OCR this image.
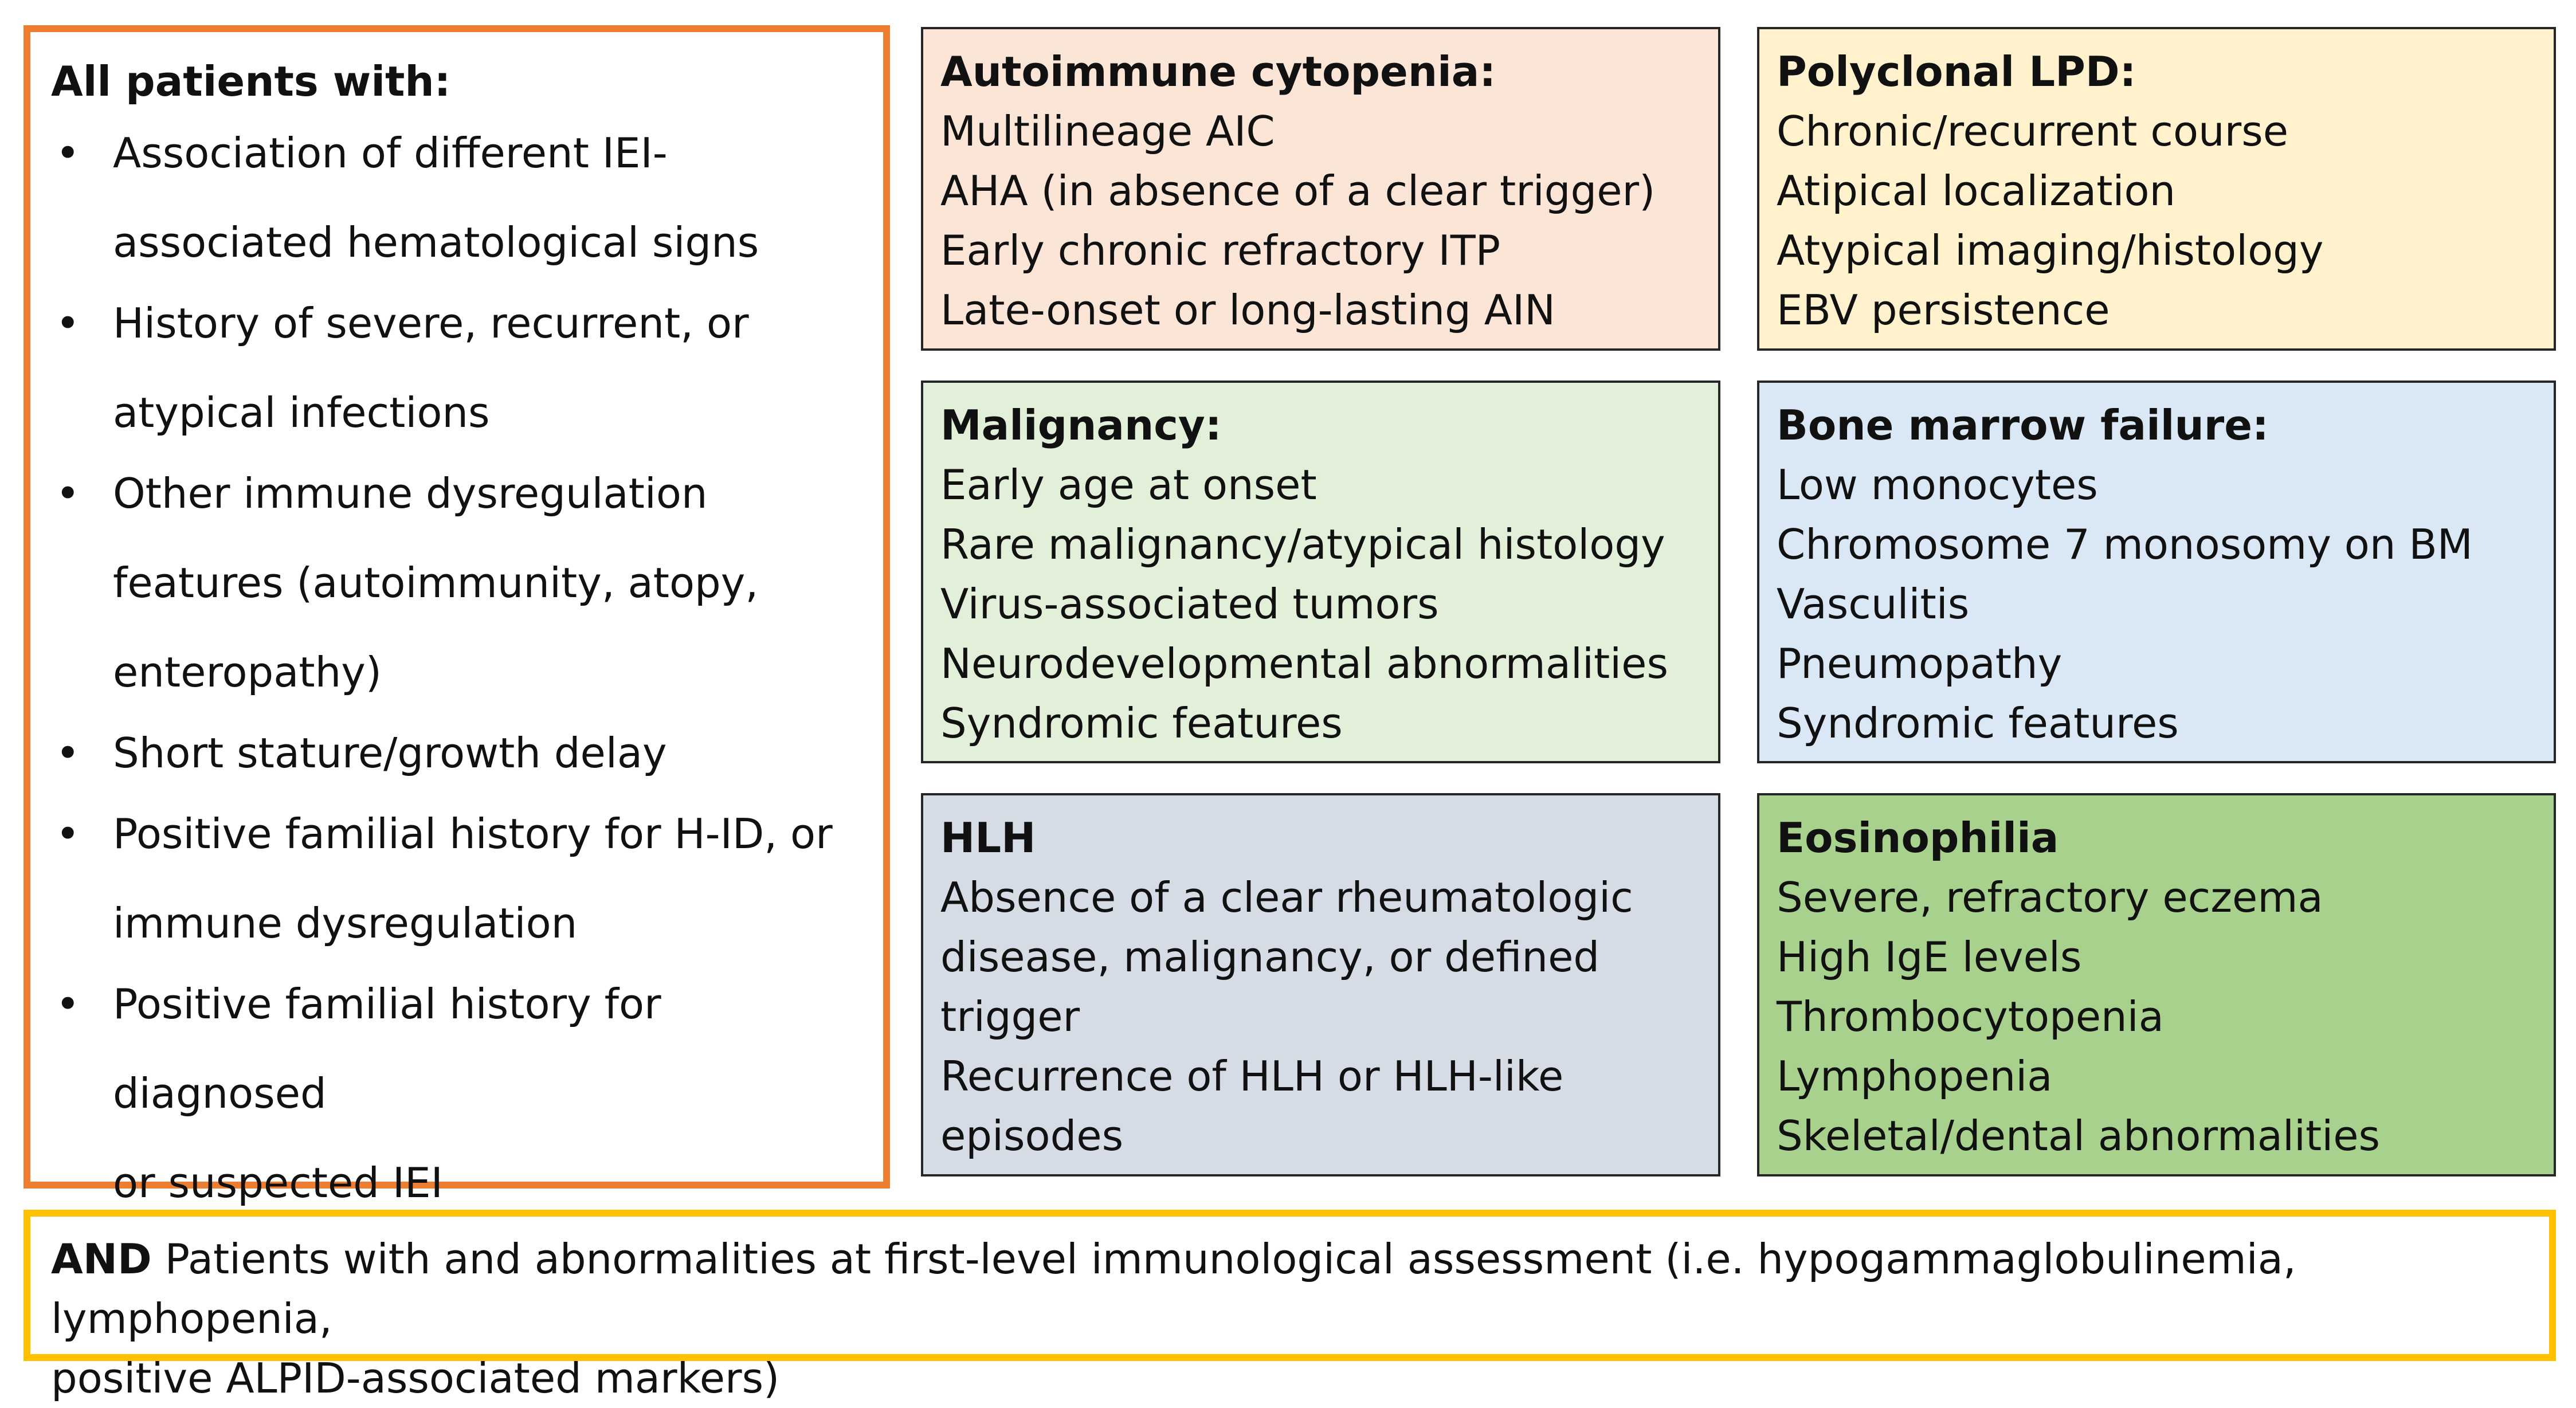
All patients with:
• Association of different IEI-
associated hematological signs
• History of severe, recurrent, or
atypical infections
• Other immune dysregulation
features (autoimmunity, atopy,
enteropathy)
• Short stature/growth delay
• Positive familial history for H-ID, or
immune dysregulation
• Positive familial history for diagnosed
or suspected IEI
Autoimmune cytopenia:
Multilineage AIC
AHA (in absence of a clear trigger)
Early chronic refractory ITP
Late-onset or long-lasting AIN
Polyclonal LPD:
Chronic/recurrent course
Atipical localization
Atypical imaging/histology
EBV persistence
Malignancy:
Early age at onset
Rare malignancy/atypical histology
Virus-associated tumors
Neurodevelopmental abnormalities
Syndromic features
Bone marrow failure:
Low monocytes
Chromosome 7 monosomy on BM
Vasculitis
Pneumopathy
Syndromic features
HLH
Absence of a clear rheumatologic
disease, malignancy, or defined
trigger
Recurrence of HLH or HLH-like
episodes
Eosinophilia
Severe, refractory eczema
High IgE levels
Thrombocytopenia
Lymphopenia
Skeletal/dental abnormalities
AND Patients with and abnormalities at first-level immunological assessment (i.e. hypogammaglobulinemia, lymphopenia,
positive ALPID-associated markers)
